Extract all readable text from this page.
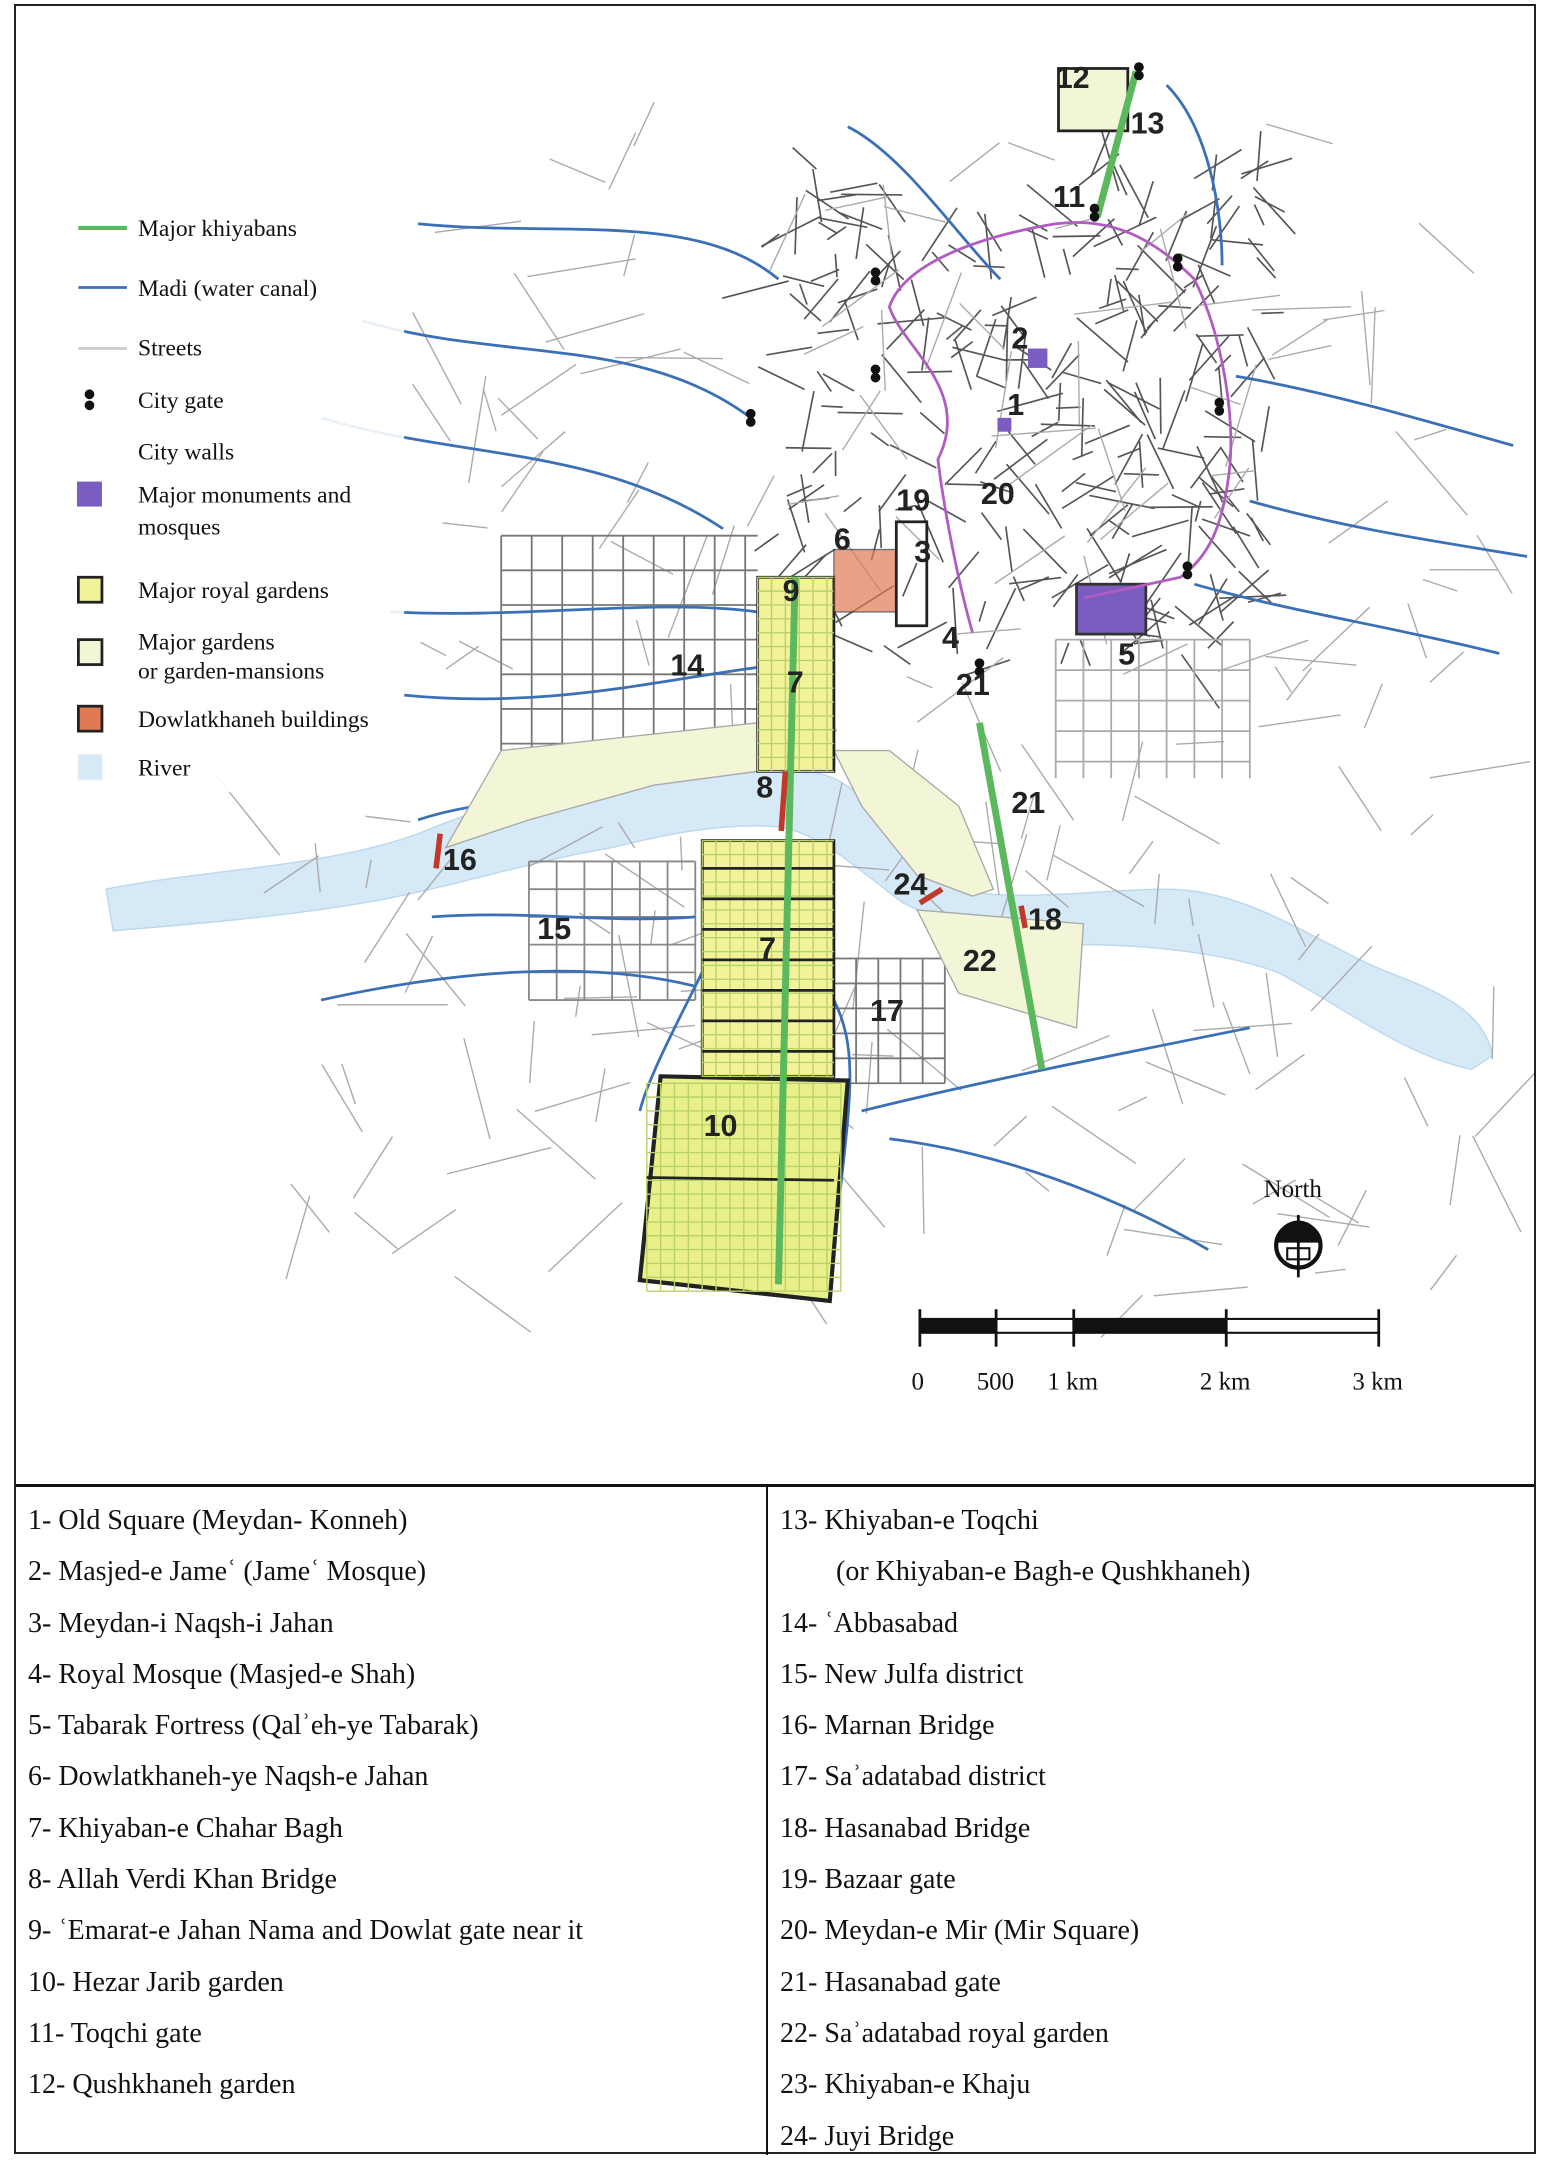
12
13
11
2
1
19 20
6	3
9
4	5
21
14	7
8	21
16
24
18
15
22
7
17
10
Major khiyabans
Madi (water canal)
Streets
City gate
City walls
Major monuments and
mosques
Major royal gardens
Major gardens
or garden-mansions
Dowlatkhaneh buildings
River
North
0	500 1 km	2 km	3 km
1- Old Square (Meydan- Konneh)
2- Masjed-e Jameʿ (Jameʿ Mosque)
3- Meydan-i Naqsh-i Jahan
4- Royal Mosque (Masjed-e Shah)
5- Tabarak Fortress (Qalʾeh-ye Tabarak)
6- Dowlatkhaneh-ye Naqsh-e Jahan
7- Khiyaban-e Chahar Bagh
8- Allah Verdi Khan Bridge
9- ʿEmarat-e Jahan Nama and Dowlat gate near it
10- Hezar Jarib garden
11- Toqchi gate
12- Qushkhaneh garden
13- Khiyaban-e Toqchi
(or Khiyaban-e Bagh-e Qushkhaneh)
14- ʿAbbasabad
15- New Julfa district
16- Marnan Bridge
17- Saʾadatabad district
18- Hasanabad Bridge
19- Bazaar gate
20- Meydan-e Mir (Mir Square)
21- Hasanabad gate
22- Saʾadatabad royal garden
23- Khiyaban-e Khaju
24- Juyi Bridge
